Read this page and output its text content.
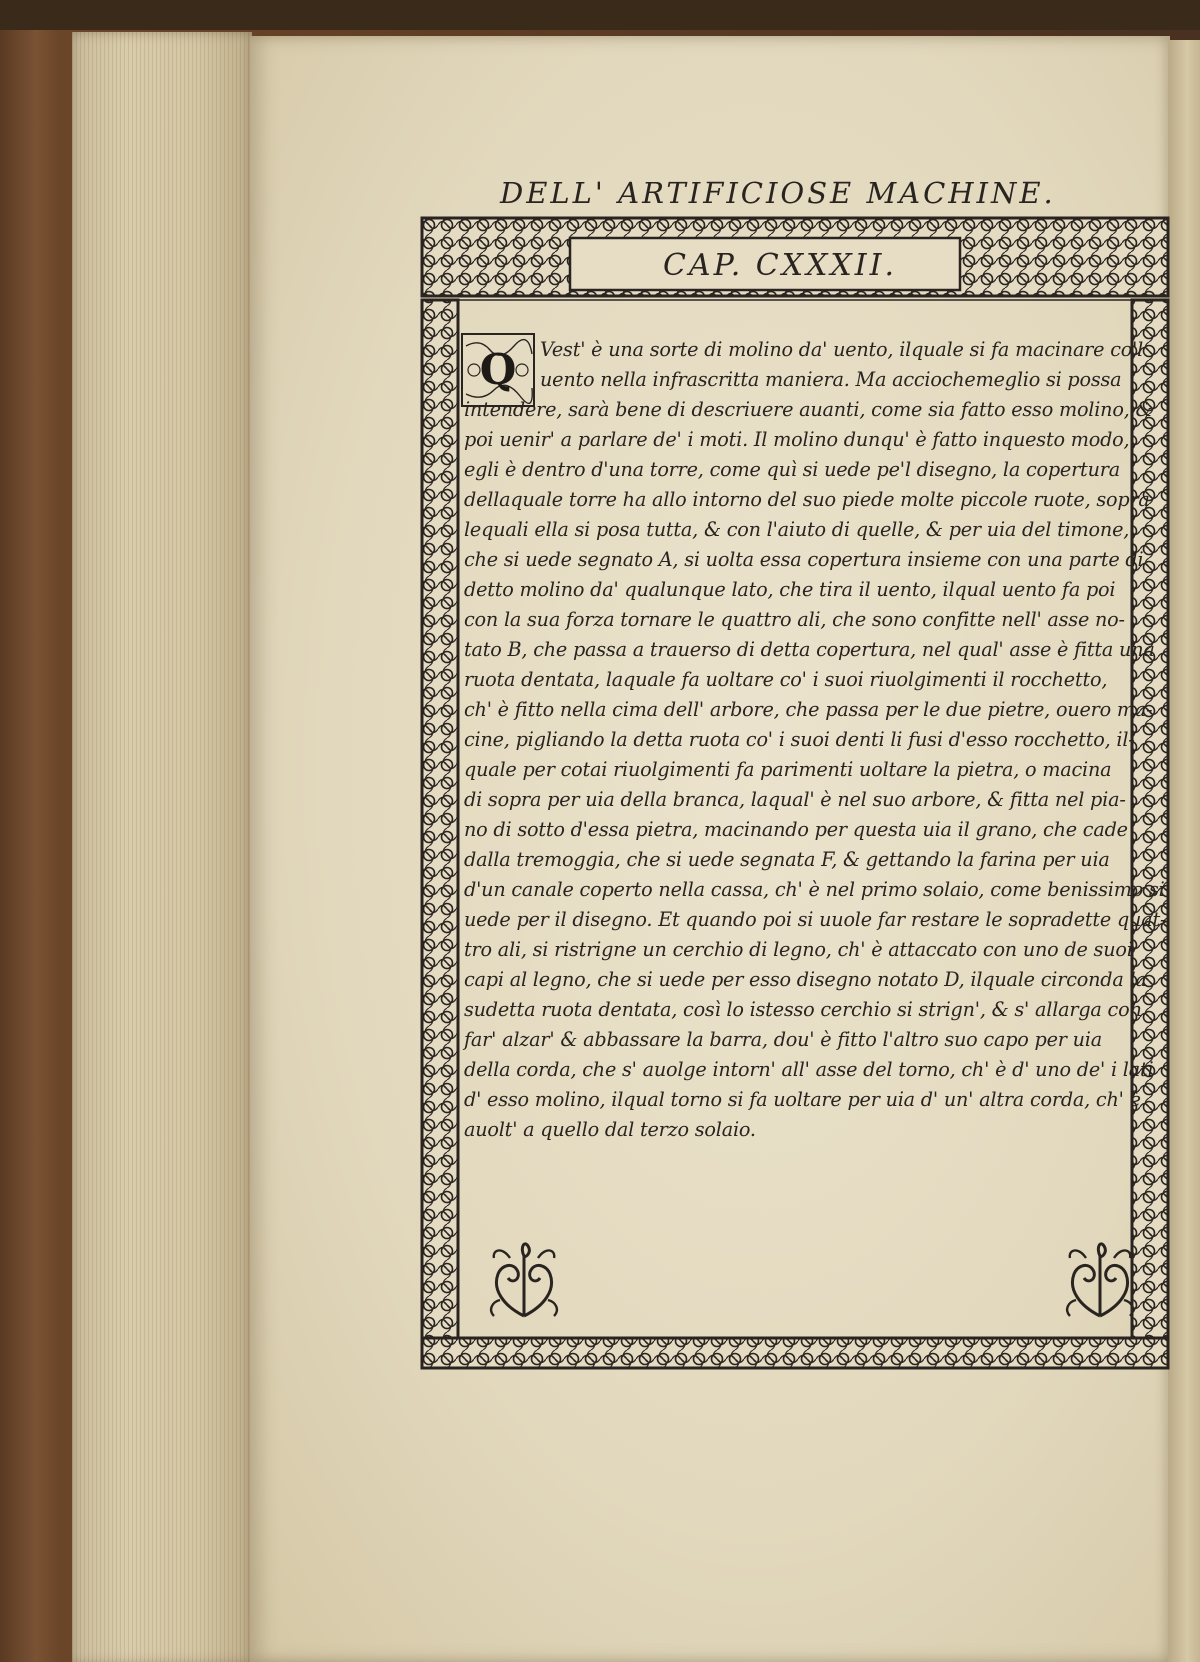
DELL' ARTIFICIOSE MACHINE.
CAP. CXXXII.
Q Vest' è una sorte di molino da' uento, ilquale si fa macinare co'l
uento nella infrascritta maniera. Ma acciochemeglio si possa
intendere, sarà bene di descriuere auanti, come sia fatto esso molino, &
poi uenir' a parlare de' i moti. Il molino dunqu' è fatto inquesto modo,
egli è dentro d'una torre, come quì si uede pe'l disegno, la copertura
dellaquale torre ha allo intorno del suo piede molte piccole ruote, sopra
lequali ella si posa tutta, & con l'aiuto di quelle, & per uia del timone,
che si uede segnato A, si uolta essa copertura insieme con una parte di
detto molino da' qualunque lato, che tira il uento, ilqual uento fa poi
con la sua forza tornare le quattro ali, che sono confitte nell' asse no-
tato B, che passa a trauerso di detta copertura, nel qual' asse è fitta una
ruota dentata, laquale fa uoltare co' i suoi riuolgimenti il rocchetto,
ch' è fitto nella cima dell' arbore, che passa per le due pietre, ouero ma-
cine, pigliando la detta ruota co' i suoi denti li fusi d'esso rocchetto, il-
quale per cotai riuolgimenti fa parimenti uoltare la pietra, o macina
di sopra per uia della branca, laqual' è nel suo arbore, & fitta nel pia-
no di sotto d'essa pietra, macinando per questa uia il grano, che cade
dalla tremoggia, che si uede segnata F, & gettando la farina per uia
d'un canale coperto nella cassa, ch' è nel primo solaio, come benissimo si
uede per il disegno. Et quando poi si uuole far restare le sopradette quat-
tro ali, si ristrigne un cerchio di legno, ch' è attaccato con uno de suoi
capi al legno, che si uede per esso disegno notato D, ilquale circonda la
sudetta ruota dentata, così lo istesso cerchio si strign', & s' allarga con
far' alzar' & abbassare la barra, dou' è fitto l'altro suo capo per uia
della corda, che s' auolge intorn' all' asse del torno, ch' è d' uno de' i lati
d' esso molino, ilqual torno si fa uoltare per uia d' un' altra corda, ch' è
auolt' a quello dal terzo solaio.
